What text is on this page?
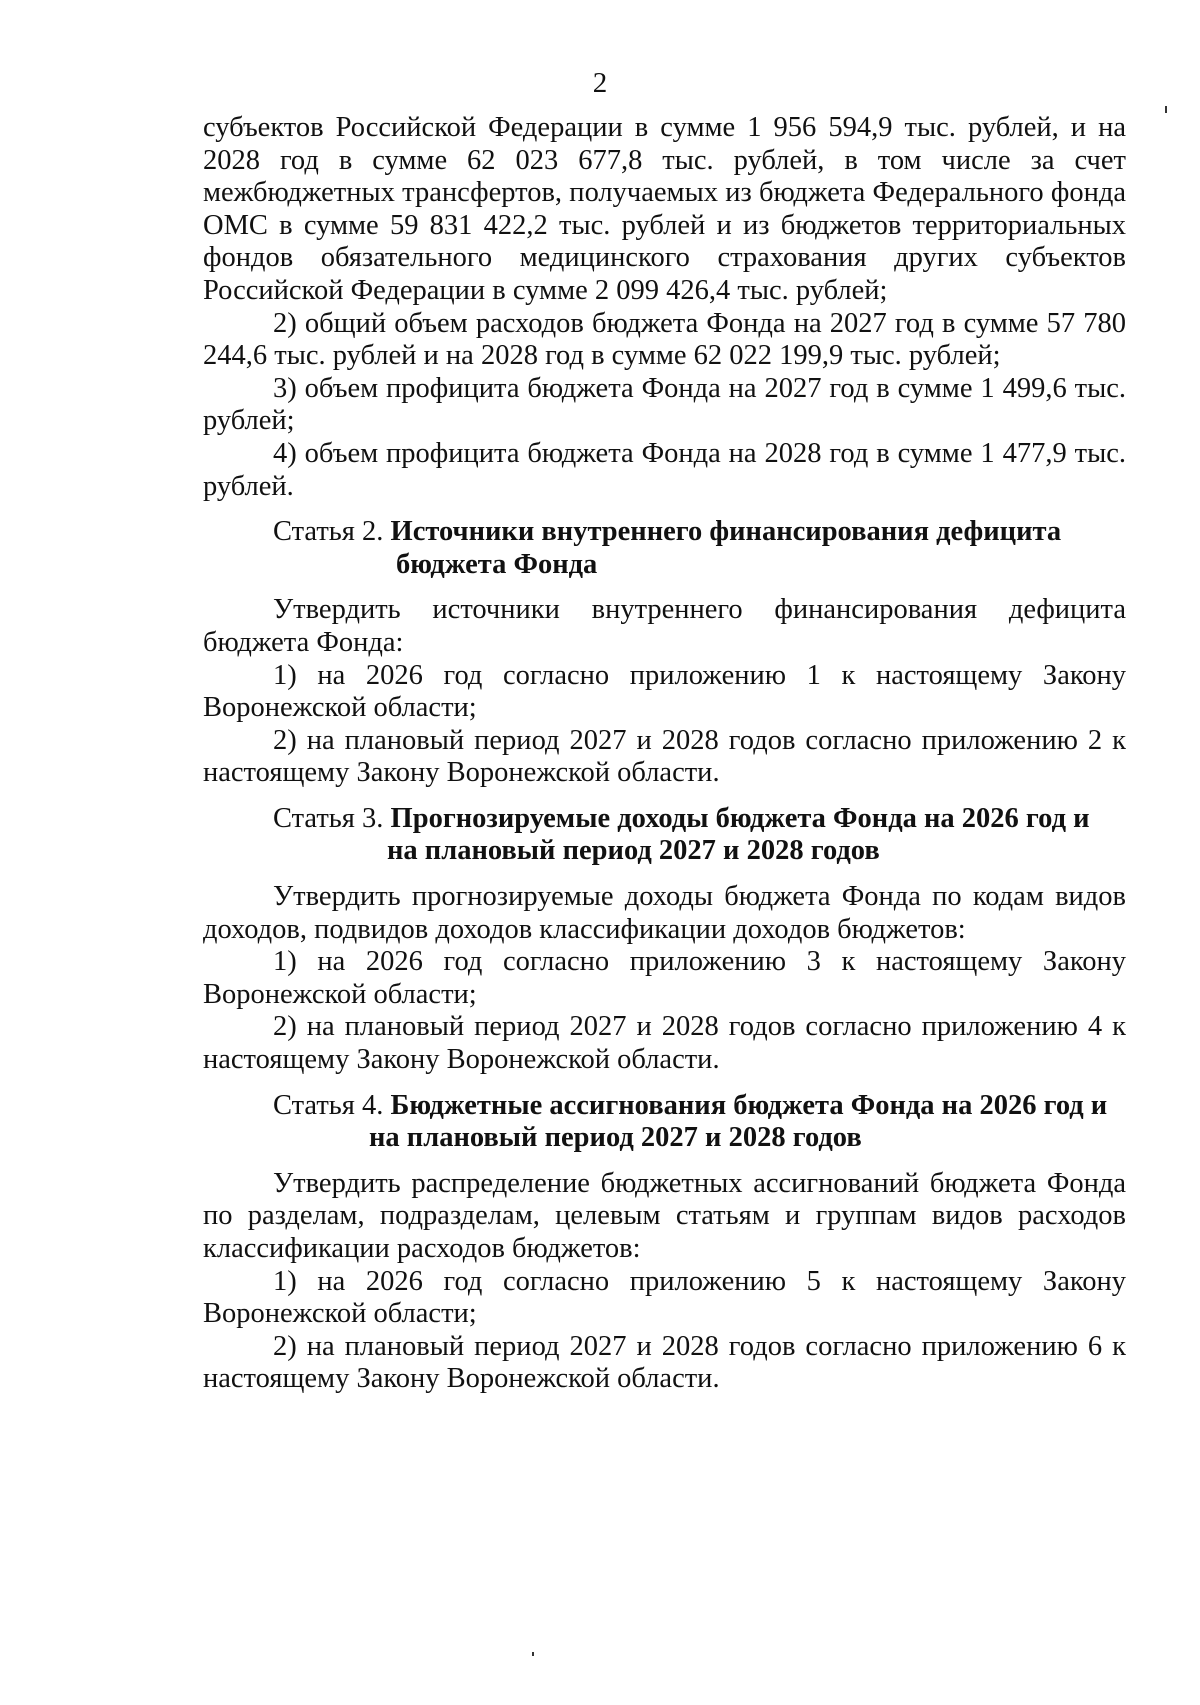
2

субъектов Российской Федерации в сумме 1 956 594,9 тыс. рублей, и на 2028 год в сумме 62 023 677,8 тыс. рублей, в том числе за счет межбюджетных трансфертов, получаемых из бюджета Федерального фонда ОМС в сумме 59 831 422,2 тыс. рублей и из бюджетов территориальных фондов обязательного медицинского страхования других субъектов Российской Федерации в сумме 2 099 426,4 тыс. рублей;

2) общий объем расходов бюджета Фонда на 2027 год в сумме 57 780 244,6 тыс. рублей и на 2028 год в сумме 62 022 199,9 тыс. рублей;

3) объем профицита бюджета Фонда на 2027 год в сумме 1 499,6 тыс. рублей;

4) объем профицита бюджета Фонда на 2028 год в сумме 1 477,9 тыс. рублей.

Статья 2. Источники внутреннего финансирования дефицита
бюджета Фонда

Утвердить источники внутреннего финансирования дефицита бюджета Фонда:

1) на 2026 год согласно приложению 1 к настоящему Закону Воронежской области;

2) на плановый период 2027 и 2028 годов согласно приложению 2 к настоящему Закону Воронежской области.

Статья 3. Прогнозируемые доходы бюджета Фонда на 2026 год и
на плановый период 2027 и 2028 годов

Утвердить прогнозируемые доходы бюджета Фонда по кодам видов доходов, подвидов доходов классификации доходов бюджетов:

1) на 2026 год согласно приложению 3 к настоящему Закону Воронежской области;

2) на плановый период 2027 и 2028 годов согласно приложению 4 к настоящему Закону Воронежской области.

Статья 4. Бюджетные ассигнования бюджета Фонда на 2026 год и
на плановый период 2027 и 2028 годов

Утвердить распределение бюджетных ассигнований бюджета Фонда по разделам, подразделам, целевым статьям и группам видов расходов классификации расходов бюджетов:

1) на 2026 год согласно приложению 5 к настоящему Закону Воронежской области;

2) на плановый период 2027 и 2028 годов согласно приложению 6 к настоящему Закону Воронежской области.
